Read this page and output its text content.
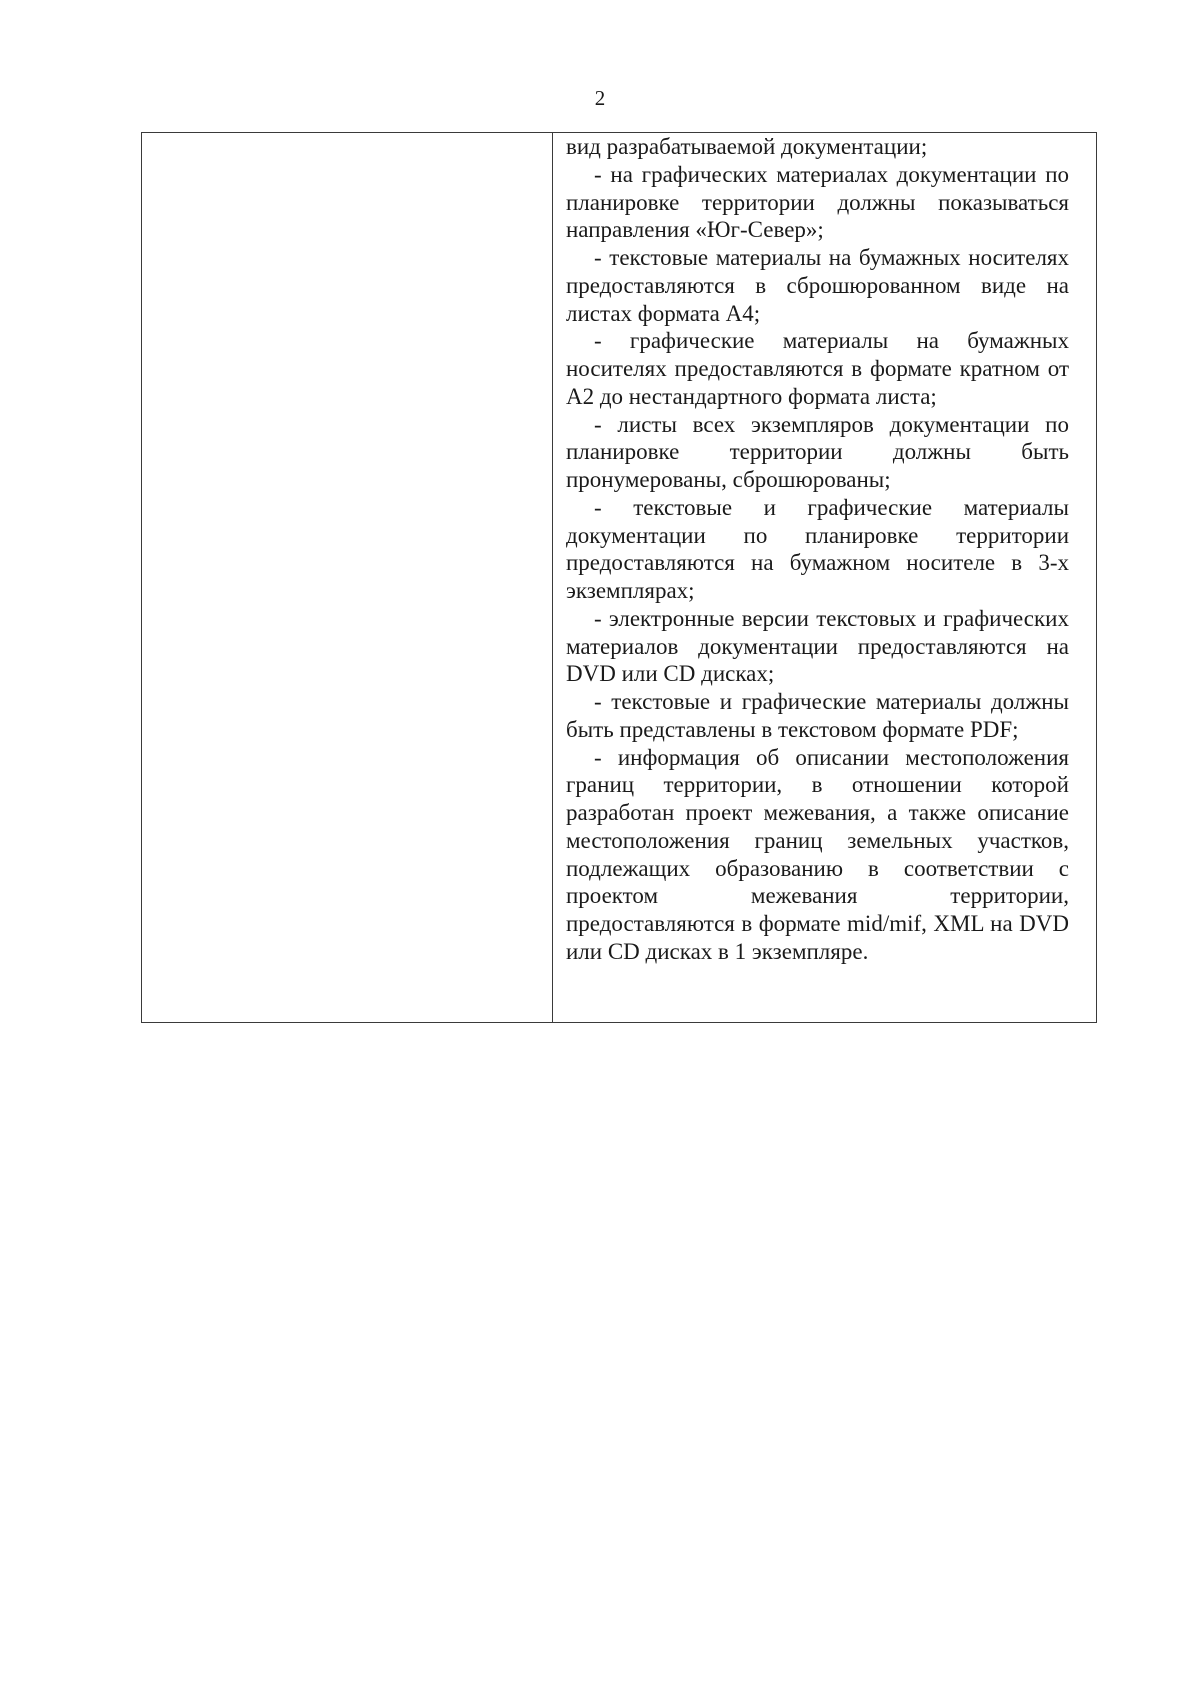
2

вид разрабатываемой документации;

- на графических материалах документации по планировке территории должны показываться направления «Юг-Север»;

- текстовые материалы на бумажных носителях предоставляются в сброшюрованном виде на листах формата А4;

- графические материалы на бумажных носителях предоставляются в формате кратном от А2 до нестандартного формата листа;

- листы всех экземпляров документации по планировке территории должны быть пронумерованы, сброшюрованы;

- текстовые и графические материалы документации по планировке территории предоставляются на бумажном носителе в 3-х экземплярах;

- электронные версии текстовых и графических материалов документации предоставляются на DVD или CD дисках;

- текстовые и графические материалы должны быть представлены в текстовом формате PDF;

- информация об описании местоположения границ территории, в отношении которой разработан проект межевания, а также описание местоположения границ земельных участков, подлежащих образованию в соответствии с проектом межевания территории, предоставляются в формате mid/mif, XML на DVD или CD дисках в 1 экземпляре.
